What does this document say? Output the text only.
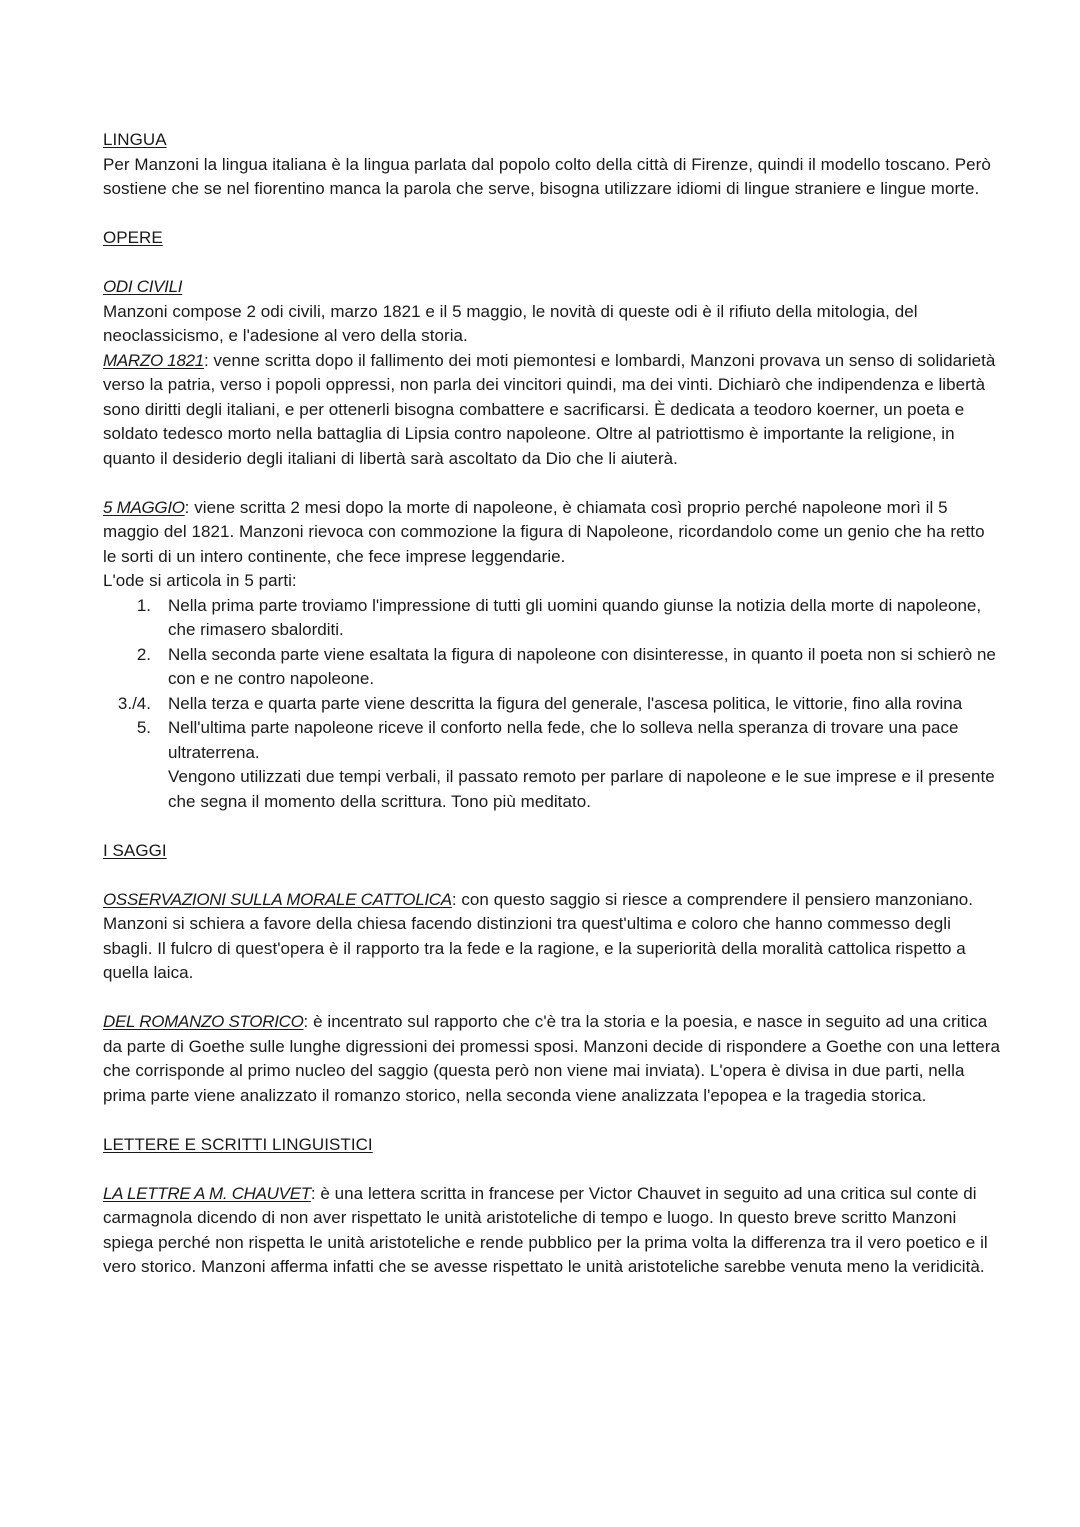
LINGUA

Per Manzoni la lingua italiana è la lingua parlata dal popolo colto della città di Firenze, quindi il modello toscano. Però sostiene che se nel fiorentino manca la parola che serve, bisogna utilizzare idiomi di lingue straniere e lingue morte.

OPERE

ODI CIVILI

Manzoni compose 2 odi civili, marzo 1821 e il 5 maggio, le novità di queste odi è il rifiuto della mitologia, del neoclassicismo, e l'adesione al vero della storia.

MARZO 1821: venne scritta dopo il fallimento dei moti piemontesi e lombardi, Manzoni provava un senso di solidarietà verso la patria, verso i popoli oppressi, non parla dei vincitori quindi, ma dei vinti. Dichiarò che indipendenza e libertà sono diritti degli italiani, e per ottenerli bisogna combattere e sacrificarsi. È dedicata a teodoro koerner, un poeta e soldato tedesco morto nella battaglia di Lipsia contro napoleone. Oltre al patriottismo è importante la religione, in quanto il desiderio degli italiani di libertà sarà ascoltato da Dio che li aiuterà.

5 MAGGIO: viene scritta 2 mesi dopo la morte di napoleone, è chiamata così proprio perché napoleone morì il 5 maggio del 1821. Manzoni rievoca con commozione la figura di Napoleone, ricordandolo come un genio che ha retto le sorti di un intero continente, che fece imprese leggendarie.

L'ode si articola in 5 parti:

1. Nella prima parte troviamo l'impressione di tutti gli uomini quando giunse la notizia della morte di napoleone, che rimasero sbalorditi.
2. Nella seconda parte viene esaltata la figura di napoleone con disinteresse, in quanto il poeta non si schierò ne con e ne contro napoleone.
3./4. Nella terza e quarta parte viene descritta la figura del generale, l'ascesa politica, le vittorie, fino alla rovina
5. Nell'ultima parte napoleone riceve il conforto nella fede, che lo solleva nella speranza di trovare una pace ultraterrena.

Vengono utilizzati due tempi verbali, il passato remoto per parlare di napoleone e le sue imprese e il presente che segna il momento della scrittura. Tono più meditato.

I SAGGI

OSSERVAZIONI SULLA MORALE CATTOLICA: con questo saggio si riesce a comprendere il pensiero manzoniano. Manzoni si schiera a favore della chiesa facendo distinzioni tra quest'ultima e coloro che hanno commesso degli sbagli. Il fulcro di quest'opera è il rapporto tra la fede e la ragione, e la superiorità della moralità cattolica rispetto a quella laica.

DEL ROMANZO STORICO: è incentrato sul rapporto che c'è tra la storia e la poesia, e nasce in seguito ad una critica da parte di Goethe sulle lunghe digressioni dei promessi sposi. Manzoni decide di rispondere a Goethe con una lettera che corrisponde al primo nucleo del saggio (questa però non viene mai inviata). L'opera è divisa in due parti, nella prima parte viene analizzato il romanzo storico, nella seconda viene analizzata l'epopea e la tragedia storica.

LETTERE E SCRITTI LINGUISTICI

LA LETTRE A M. CHAUVET: è una lettera scritta in francese per Victor Chauvet in seguito ad una critica sul conte di carmagnola dicendo di non aver rispettato le unità aristoteliche di tempo e luogo. In questo breve scritto Manzoni spiega perché non rispetta le unità aristoteliche e rende pubblico per la prima volta la differenza tra il vero poetico e il vero storico. Manzoni afferma infatti che se avesse rispettato le unità aristoteliche sarebbe venuta meno la veridicità.
